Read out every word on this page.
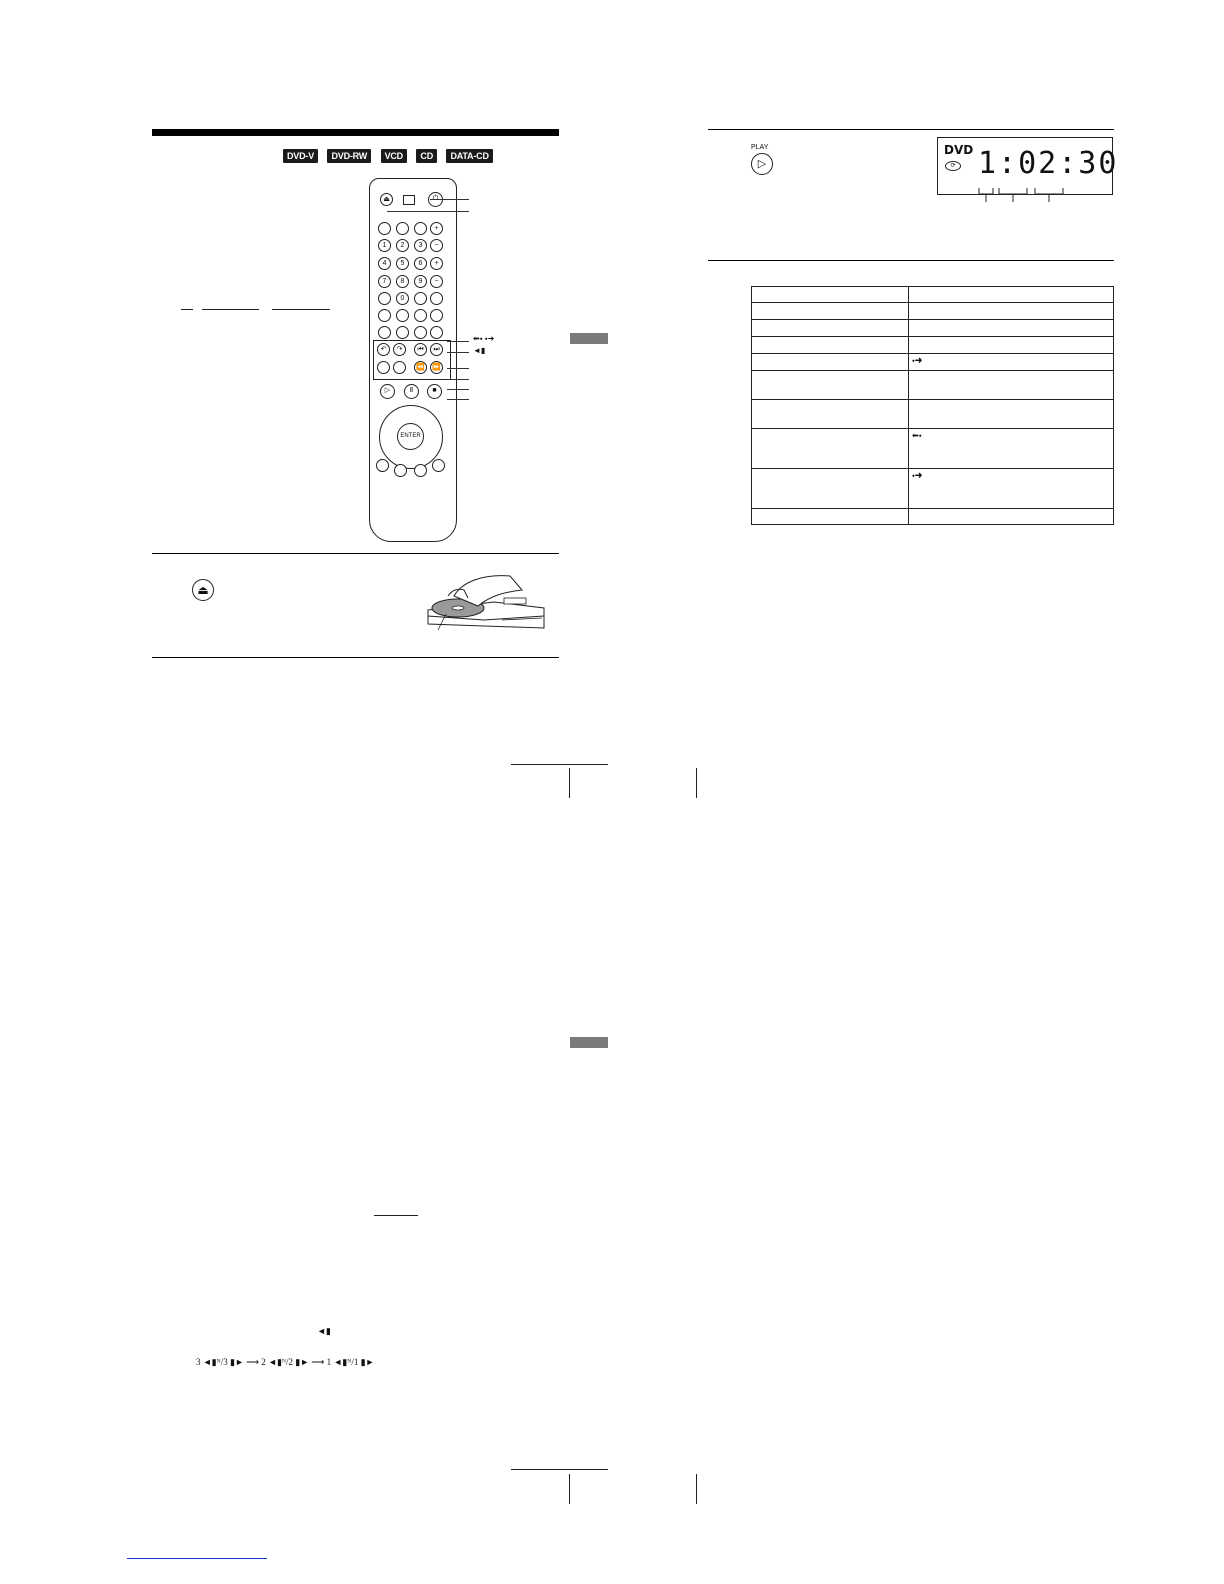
DVD-V DVD-RW VCD CD DATA-CD
⏏
+
1	2	3	−
4	5	6	+
7	8	9	−
0
↶	↷	⏮	⏭
⏪	⏩
▷	Ⅱ	■
ENTER
⬅⬩ ⬩➜
◄▮
⏏
PLAY
▷
DVD
⟳ 1:02:30

	⬩➜

	⬅⬩
	⬩➜

◄▮
3 ◄▮ᴺ/3 ▮► ⟶ 2 ◄▮ᴺ/2 ▮► ⟶ 1 ◄▮ᴺ/1 ▮►
